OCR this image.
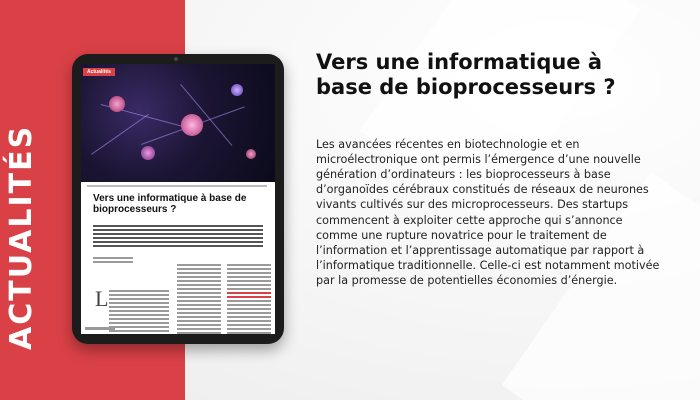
ACTUALITÉS
Actualités
Vers une informatique à base de bioprocesseurs ?
L
Vers une informatique à base de bioprocesseurs ?

Les avancées récentes en biotechnologie et en microélectronique ont permis l’émergence d’une nouvelle génération d’ordinateurs : les bioprocesseurs à base d’organoïdes cérébraux constitués de réseaux de neurones vivants cultivés sur des microprocesseurs. Des startups commencent à exploiter cette approche qui s’annonce comme une rupture novatrice pour le traitement de l’information et l’apprentissage automatique par rapport à l’informatique traditionnelle. Celle-ci est notamment motivée par la promesse de potentielles économies d’énergie.
